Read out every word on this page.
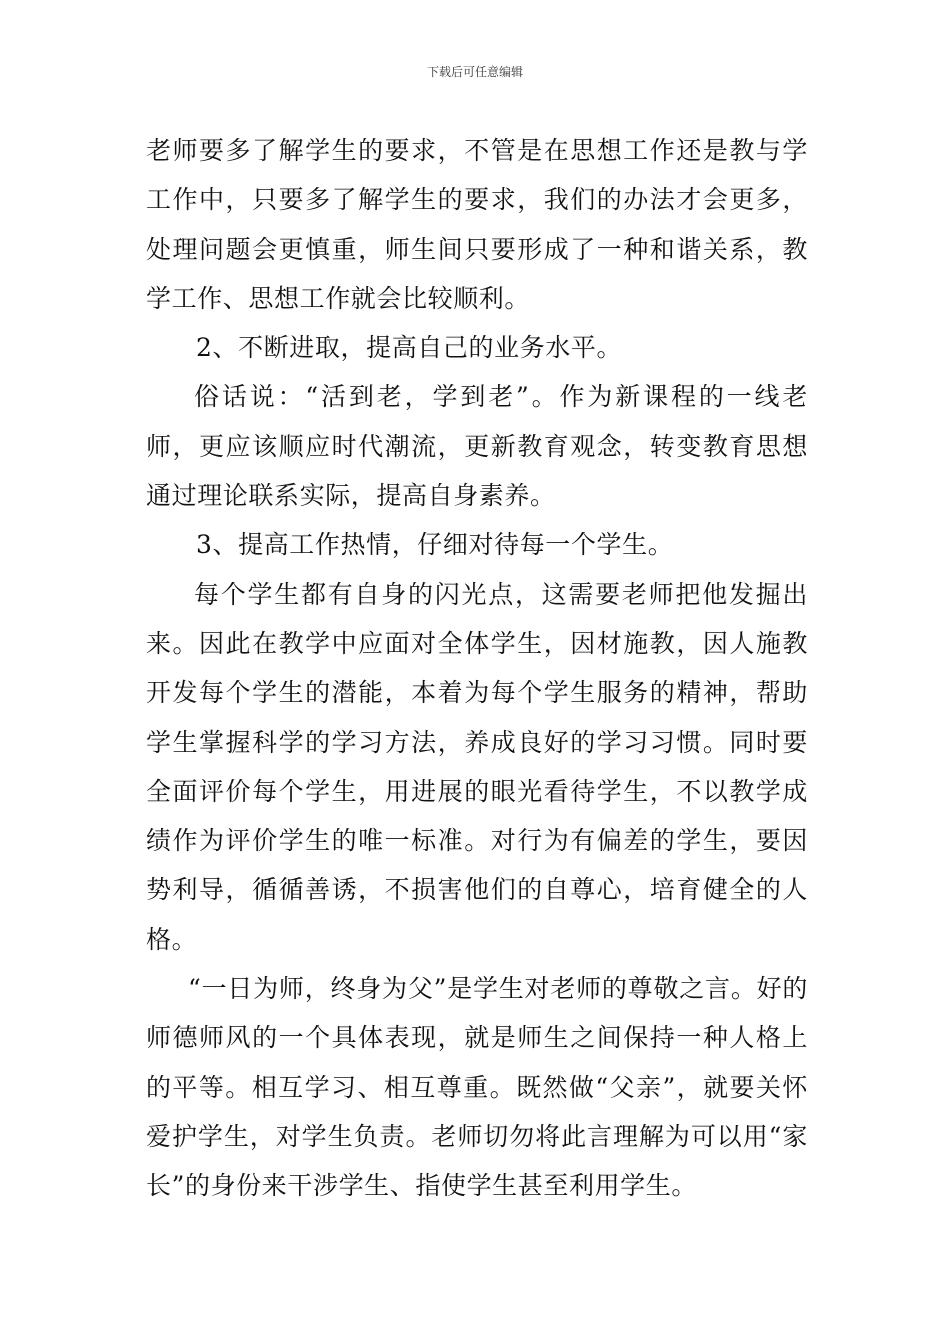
下载后可任意编辑

老师要多了解学生的要求，不管是在思想工作还是教与学工作中，只要多了解学生的要求，我们的办法才会更多，处理问题会更慎重，师生间只要形成了一种和谐关系，教学工作、思想工作就会比较顺利。

2、不断进取，提高自己的业务水平。

俗话说：“活到老，学到老”。作为新课程的一线老师，更应该顺应时代潮流，更新教育观念，转变教育思想通过理论联系实际，提高自身素养。

3、提高工作热情，仔细对待每一个学生。

每个学生都有自身的闪光点，这需要老师把他发掘出来。因此在教学中应面对全体学生，因材施教，因人施教开发每个学生的潜能，本着为每个学生服务的精神，帮助学生掌握科学的学习方法，养成良好的学习习惯。同时要全面评价每个学生，用进展的眼光看待学生，不以教学成绩作为评价学生的唯一标准。对行为有偏差的学生，要因势利导，循循善诱，不损害他们的自尊心，培育健全的人格。

“一日为师，终身为父”是学生对老师的尊敬之言。好的师德师风的一个具体表现，就是师生之间保持一种人格上的平等。相互学习、相互尊重。既然做“父亲”，就要关怀爱护学生，对学生负责。老师切勿将此言理解为可以用“家长”的身份来干涉学生、指使学生甚至利用学生。
